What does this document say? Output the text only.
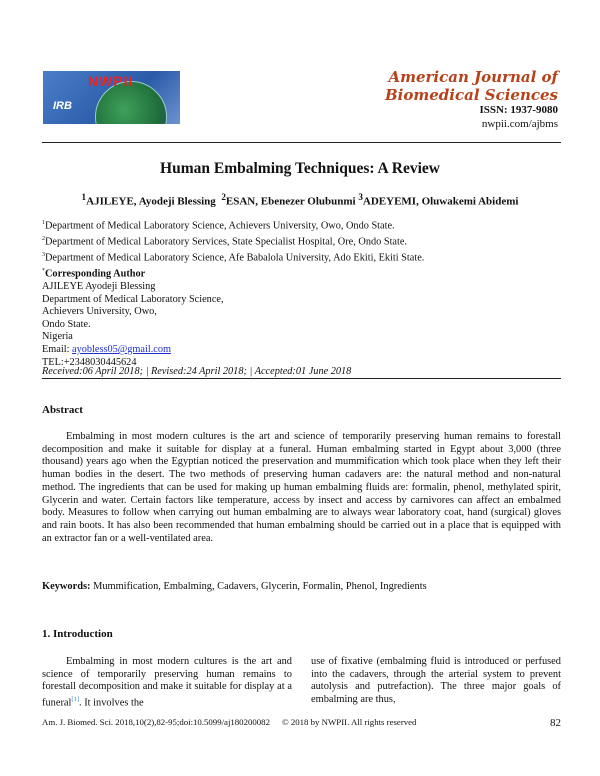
NWPII
IRB
American Journal of
Biomedical Sciences
ISSN: 1937-9080
nwpii.com/ajbms
Human Embalming Techniques: A Review
$^1$AJILEYE, Ayodeji Blessing $^2$ESAN, Ebenezer Olubunmi $^3$ADEYEMI, Oluwakemi Abidemi
$^1$Department of Medical Laboratory Science, Achievers University, Owo, Ondo State.
$^2$Department of Medical Laboratory Services, State Specialist Hospital, Ore, Ondo State.
$^3$Department of Medical Laboratory Science, Afe Babalola University, Ado Ekiti, Ekiti State.
*Corresponding Author
AJILEYE Ayodeji Blessing
Department of Medical Laboratory Science,
Achievers University, Owo,
Ondo State.
Nigeria
Email: ayobless05@gmail.com
TEL:+2348030445624
Received:06 April 2018; | Revised:24 April 2018; | Accepted:01 June 2018
Abstract
Embalming in most modern cultures is the art and science of temporarily preserving human remains to forestall decomposition and make it suitable for display at a funeral. Human embalming started in Egypt about 3,000 (three thousand) years ago when the Egyptian noticed the preservation and mummification which took place when they left their human bodies in the desert. The two methods of preserving human cadavers are: the natural method and non-natural method. The ingredients that can be used for making up human embalming fluids are: formalin, phenol, methylated spirit, Glycerin and water. Certain factors like temperature, access by insect and access by carnivores can affect an embalmed body. Measures to follow when carrying out human embalming are to always wear laboratory coat, hand (surgical) gloves and rain boots. It has also been recommended that human embalming should be carried out in a place that is equipped with an extractor fan or a well-ventilated area.
Keywords: Mummification, Embalming, Cadavers, Glycerin, Formalin, Phenol, Ingredients
1. Introduction
Embalming in most modern cultures is the art and science of temporarily preserving human remains to forestall decomposition and make it suitable for display at a funeral[1]. It involves the
use of fixative (embalming fluid is introduced or perfused into the cadavers, through the arterial system to prevent autolysis and putrefaction). The three major goals of embalming are thus,
Am. J. Biomed. Sci. 2018,10(2),82-95;doi:10.5099/aj180200082 © 2018 by NWPII. All rights reserved	82
